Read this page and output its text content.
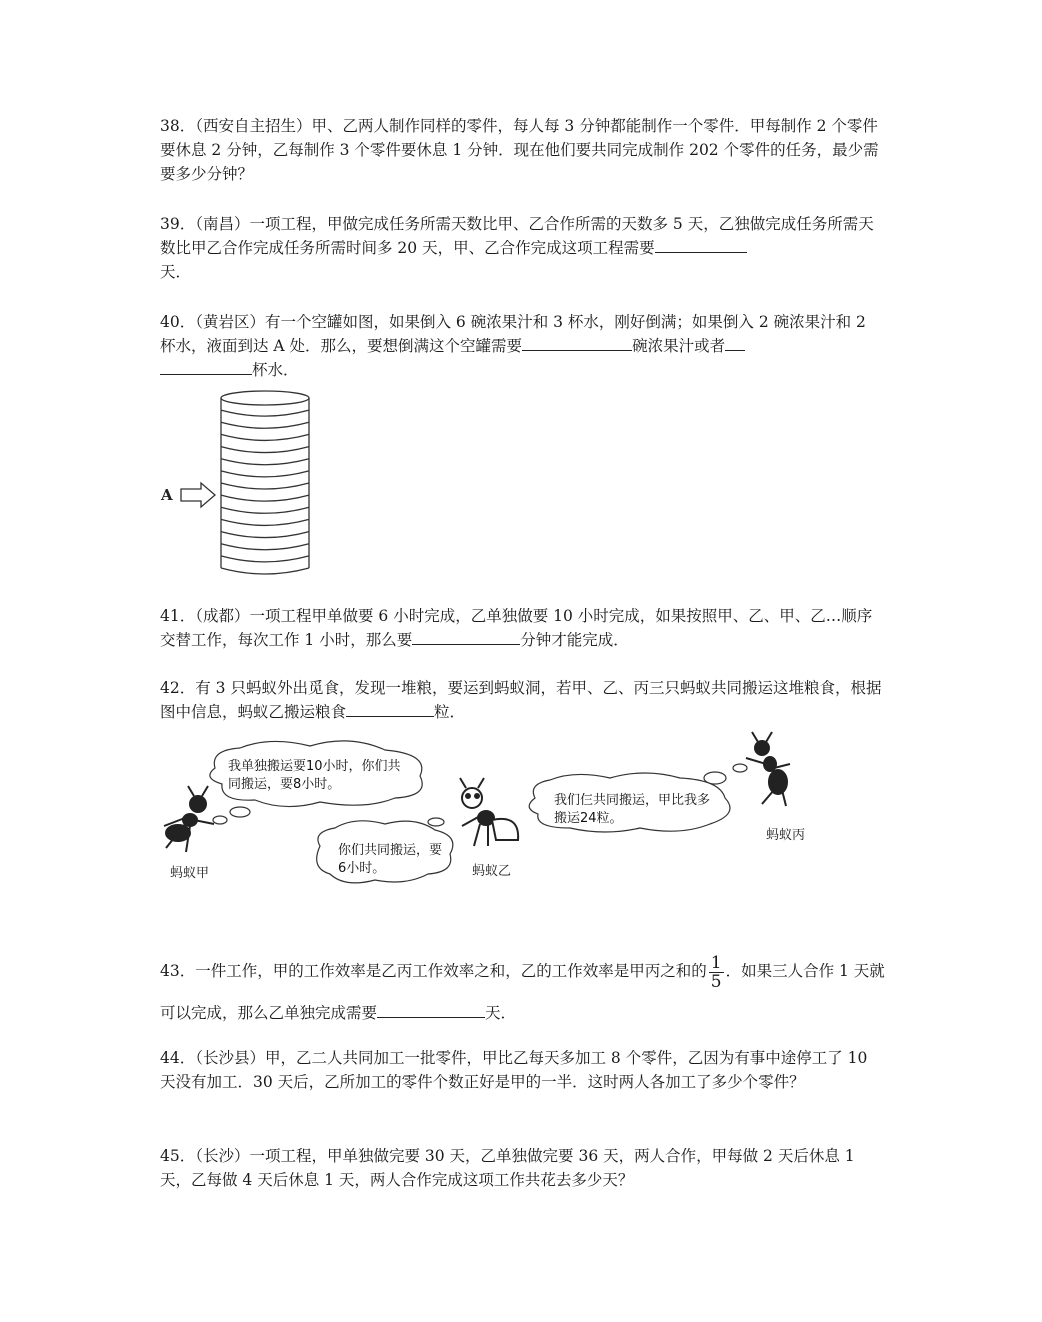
38．（西安自主招生）甲、乙两人制作同样的零件，每人每 3 分钟都能制作一个零件．甲每制作 2 个零件要休息 2 分钟，乙每制作 3 个零件要休息 1 分钟．现在他们要共同完成制作 202 个零件的任务，最少需要多少分钟？
39．（南昌）一项工程，甲做完成任务所需天数比甲、乙合作所需的天数多 5 天，乙独做完成任务所需天数比甲乙合作完成任务所需时间多 20 天，甲、乙合作完成这项工程需要
天．
40．（黄岩区）有一个空罐如图，如果倒入 6 碗浓果汁和 3 杯水，刚好倒满；如果倒入 2 碗浓果汁和 2 杯水，液面到达 A 处．那么，要想倒满这个空罐需要	碗浓果汁或者
杯水．
A
41．（成都）一项工程甲单做要 6 小时完成，乙单独做要 10 小时完成，如果按照甲、乙、甲、乙…顺序交替工作，每次工作 1 小时，那么要	分钟才能完成．
42．有 3 只蚂蚁外出觅食，发现一堆粮，要运到蚂蚁洞，若甲、乙、丙三只蚂蚁共同搬运这堆粮食，根据图中信息，蚂蚁乙搬运粮食	粒．
我单独搬运要10小时，你们共同搬运，要8小时。
你们共同搬运，要6小时。
我们仨共同搬运，甲比我多搬运24粒。
蚂蚁甲	蚂蚁乙
蚂蚁丙
43．一件工作，甲的工作效率是乙丙工作效率之和，乙的工作效率是甲丙之和的 $\frac{1}{5}$ ．如果三人合作 1 天就可以完成，那么乙单独完成需要	天．
44．（长沙县）甲，乙二人共同加工一批零件，甲比乙每天多加工 8 个零件，乙因为有事中途停工了 10 天没有加工．30 天后，乙所加工的零件个数正好是甲的一半．这时两人各加工了多少个零件？
45．（长沙）一项工程，甲单独做完要 30 天，乙单独做完要 36 天，两人合作，甲每做 2 天后休息 1 天，乙每做 4 天后休息 1 天，两人合作完成这项工作共花去多少天？
